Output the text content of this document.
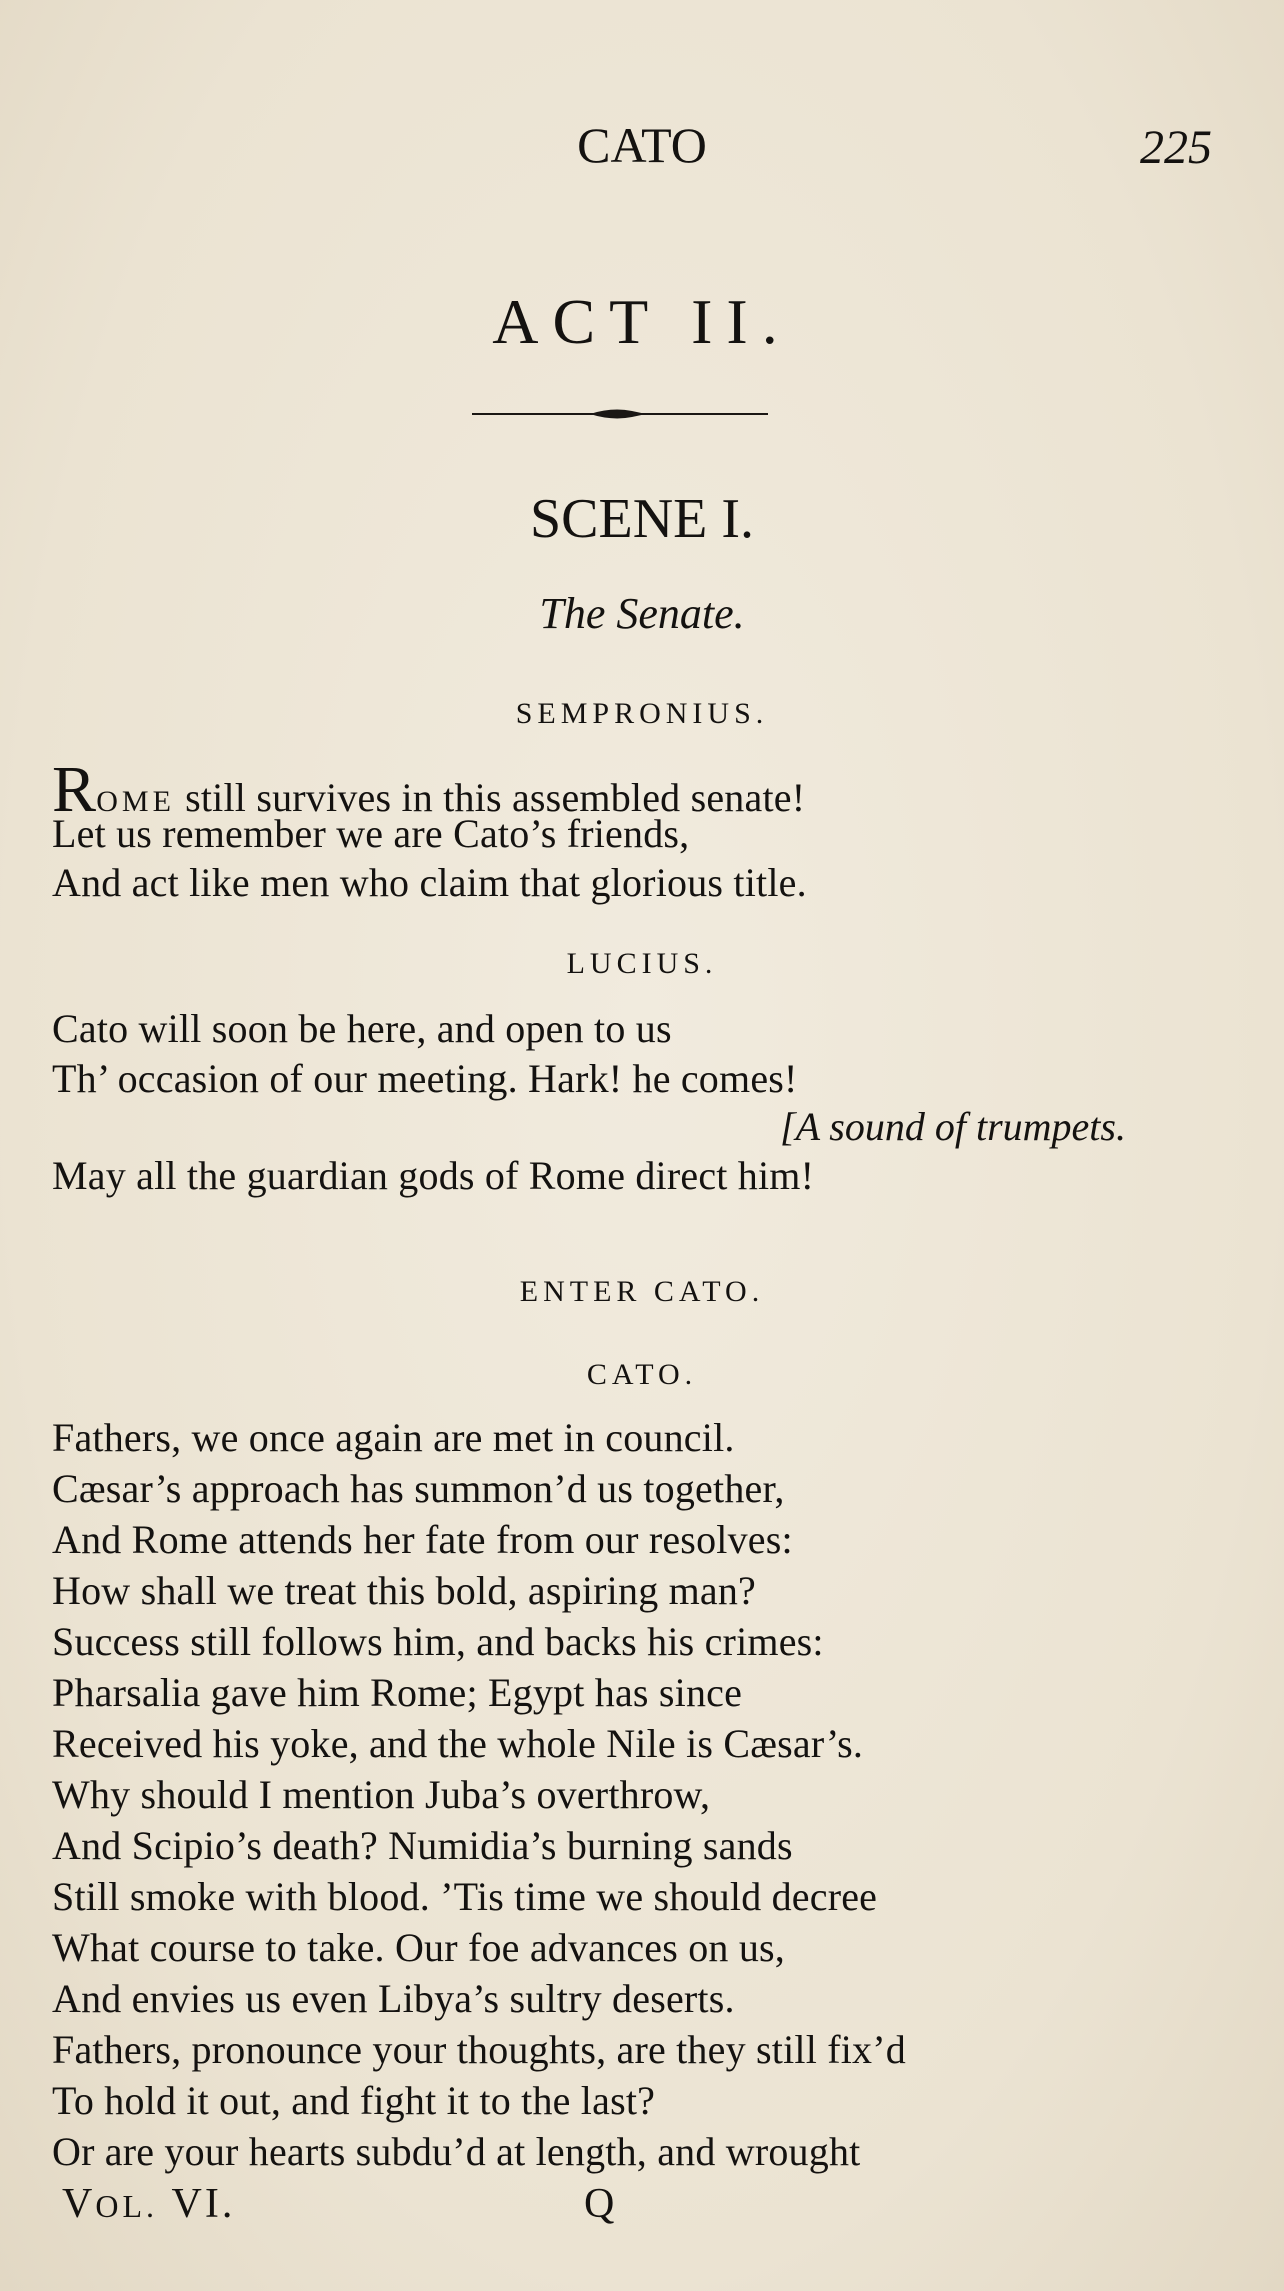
CATO	225
ACT II.
SCENE I.
The Senate.
SEMPRONIUS.
ROME still survives in this assembled senate!
Let us remember we are Cato’s friends,
And act like men who claim that glorious title.
LUCIUS.
Cato will soon be here, and open to us
Th’ occasion of our meeting. Hark! he comes!
[A sound of trumpets.
May all the guardian gods of Rome direct him!
ENTER CATO.
CATO.
Fathers, we once again are met in council.
Cæsar’s approach has summon’d us together,
And Rome attends her fate from our resolves:
How shall we treat this bold, aspiring man?
Success still follows him, and backs his crimes:
Pharsalia gave him Rome; Egypt has since
Received his yoke, and the whole Nile is Cæsar’s.
Why should I mention Juba’s overthrow,
And Scipio’s death? Numidia’s burning sands
Still smoke with blood. ’Tis time we should decree
What course to take. Our foe advances on us,
And envies us even Libya’s sultry deserts.
Fathers, pronounce your thoughts, are they still fix’d
To hold it out, and fight it to the last?
Or are your hearts subdu’d at length, and wrought
VOL. VI.	Q
